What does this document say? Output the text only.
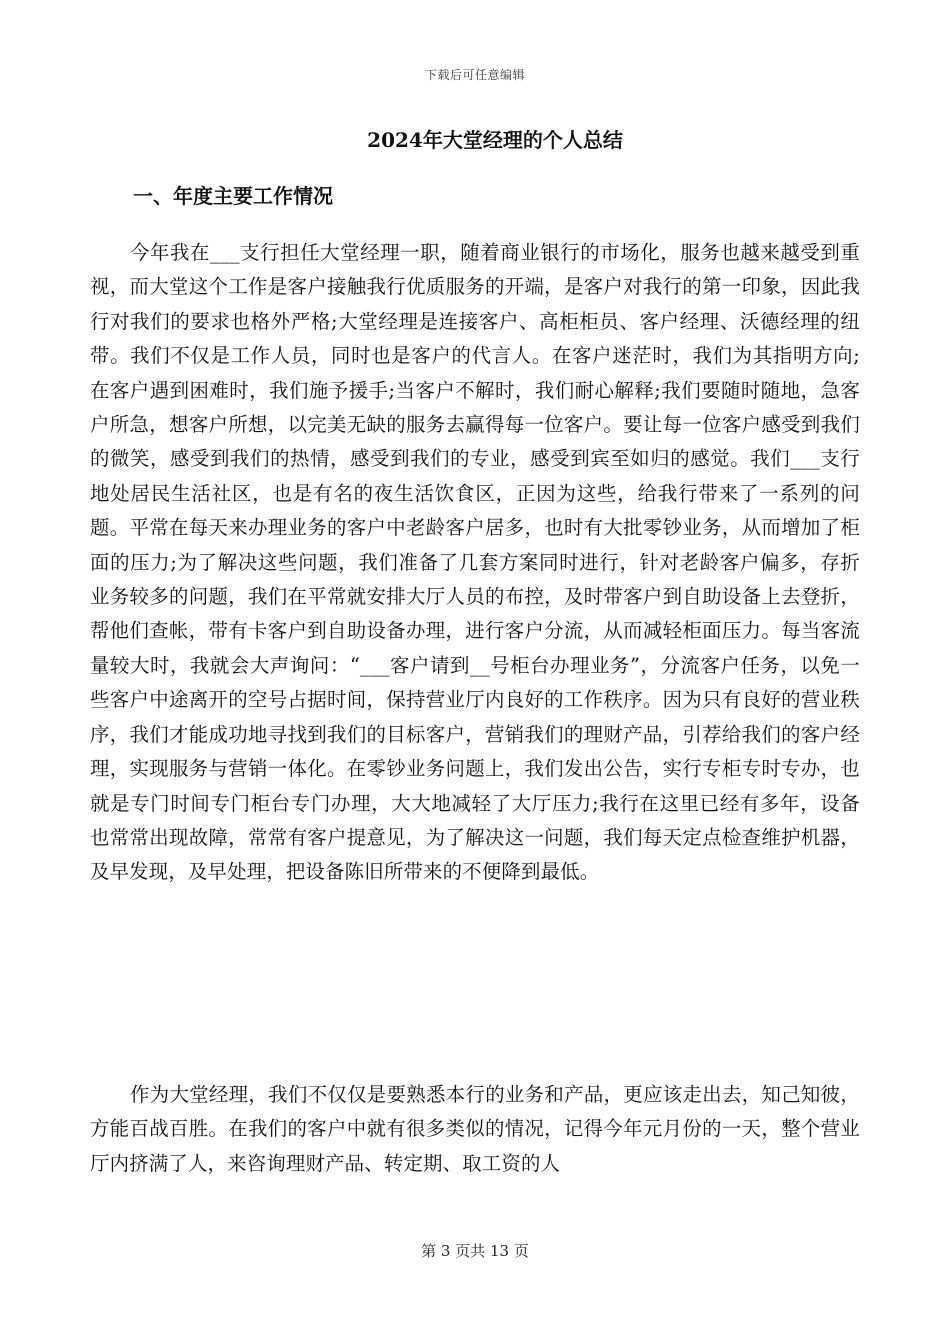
下载后可任意编辑
2024年大堂经理的个人总结
一、年度主要工作情况

今年我在___支行担任大堂经理一职，随着商业银行的市场化，服务也越来越受到重视，而大堂这个工作是客户接触我行优质服务的开端，是客户对我行的第一印象，因此我行对我们的要求也格外严格;大堂经理是连接客户、高柜柜员、客户经理、沃德经理的纽带。我们不仅是工作人员，同时也是客户的代言人。在客户迷茫时，我们为其指明方向;在客户遇到困难时，我们施予援手;当客户不解时，我们耐心解释;我们要随时随地，急客户所急，想客户所想，以完美无缺的服务去赢得每一位客户。要让每一位客户感受到我们的微笑，感受到我们的热情，感受到我们的专业，感受到宾至如归的感觉。我们___支行地处居民生活社区，也是有名的夜生活饮食区，正因为这些，给我行带来了一系列的问题。平常在每天来办理业务的客户中老龄客户居多，也时有大批零钞业务，从而增加了柜面的压力;为了解决这些问题，我们准备了几套方案同时进行，针对老龄客户偏多，存折业务较多的问题，我们在平常就安排大厅人员的布控，及时带客户到自助设备上去登折，帮他们查帐，带有卡客户到自助设备办理，进行客户分流，从而减轻柜面压力。每当客流量较大时，我就会大声询问：“___客户请到__号柜台办理业务”，分流客户任务，以免一些客户中途离开的空号占据时间，保持营业厅内良好的工作秩序。因为只有良好的营业秩序，我们才能成功地寻找到我们的目标客户，营销我们的理财产品，引荐给我们的客户经理，实现服务与营销一体化。在零钞业务问题上，我们发出公告，实行专柜专时专办，也就是专门时间专门柜台专门办理，大大地减轻了大厅压力;我行在这里已经有多年，设备也常常出现故障，常常有客户提意见，为了解决这一问题，我们每天定点检查维护机器，及早发现，及早处理，把设备陈旧所带来的不便降到最低。

作为大堂经理，我们不仅仅是要熟悉本行的业务和产品，更应该走出去，知己知彼，方能百战百胜。在我们的客户中就有很多类似的情况，记得今年元月份的一天，整个营业厅内挤满了人，来咨询理财产品、转定期、取工资的人

第 3 页共 13 页
